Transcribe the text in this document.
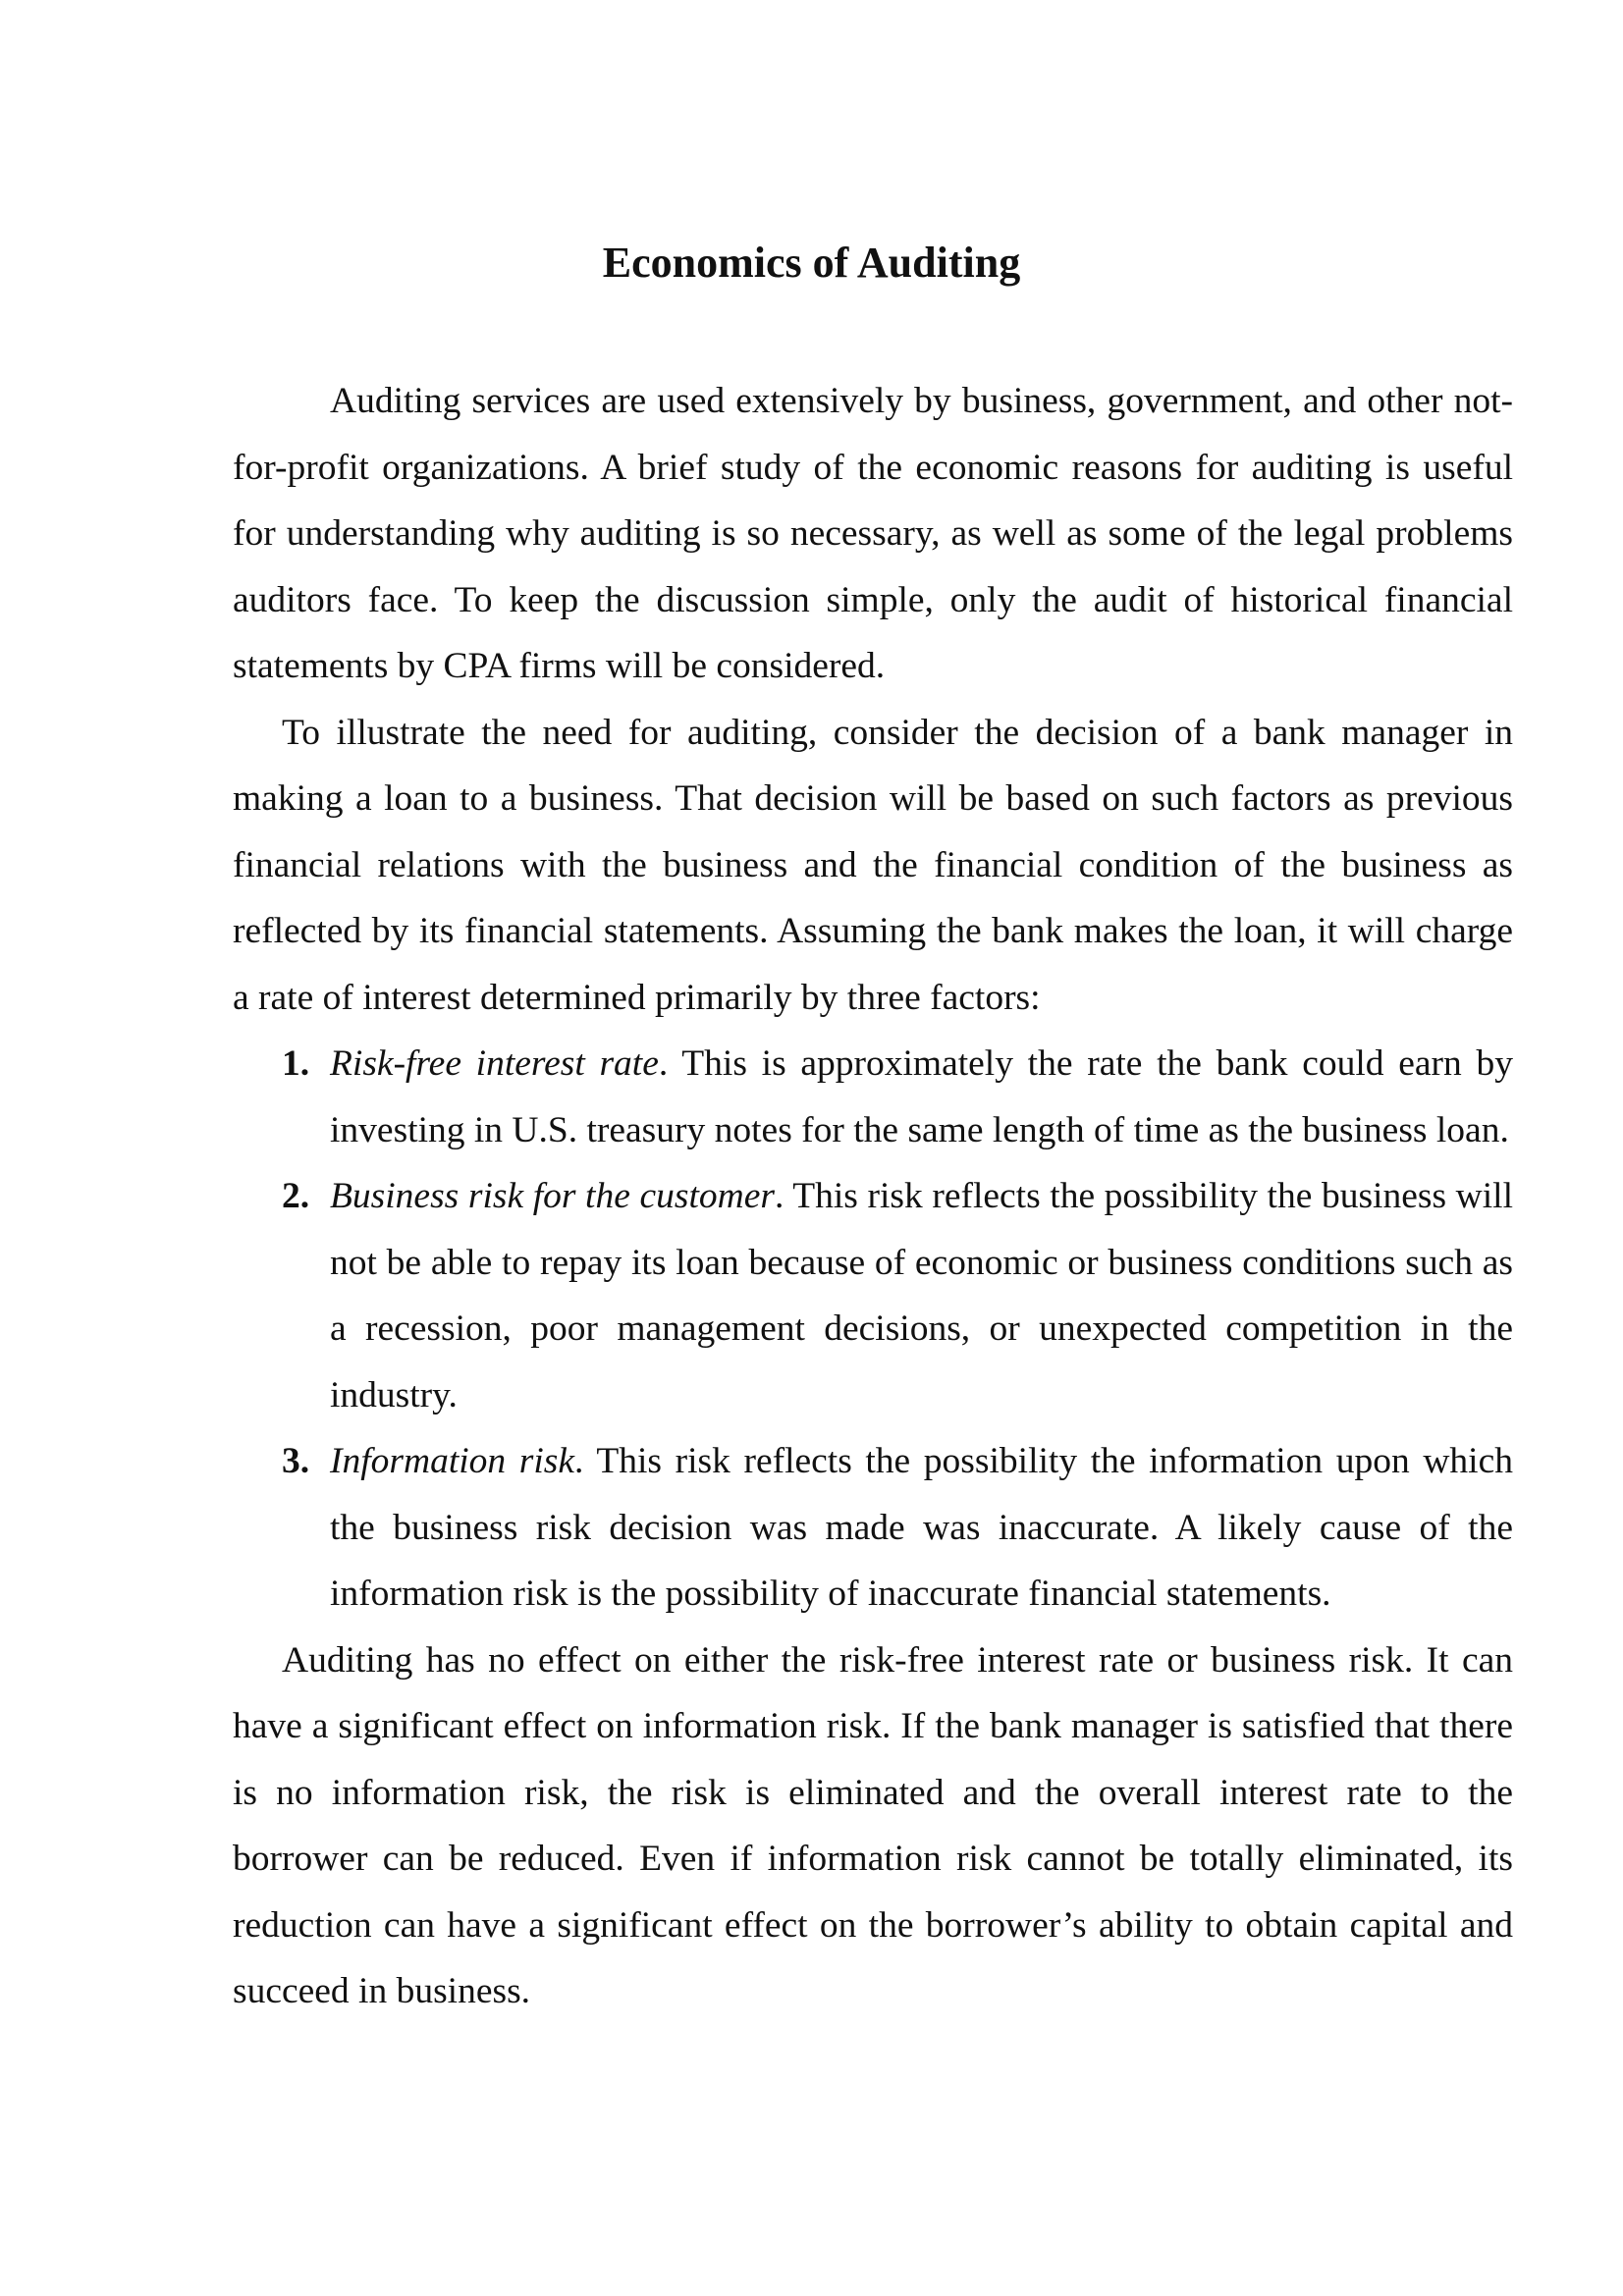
Economics of Auditing

Auditing services are used extensively by business, government, and other not-for-profit organizations. A brief study of the economic reasons for auditing is useful for understanding why auditing is so necessary, as well as some of the legal problems auditors face. To keep the discussion simple, only the audit of historical financial statements by CPA firms will be considered.

To illustrate the need for auditing, consider the decision of a bank manager in making a loan to a business. That decision will be based on such factors as previous financial relations with the business and the financial condition of the business as reflected by its financial statements. Assuming the bank makes the loan, it will charge a rate of interest determined primarily by three factors:

1. Risk-free interest rate. This is approximately the rate the bank could earn by investing in U.S. treasury notes for the same length of time as the business loan.
2. Business risk for the customer. This risk reflects the possibility the business will not be able to repay its loan because of economic or business conditions such as a recession, poor management decisions, or unexpected competition in the industry.
3. Information risk. This risk reflects the possibility the information upon which the business risk decision was made was inaccurate. A likely cause of the information risk is the possibility of inaccurate financial statements.

Auditing has no effect on either the risk-free interest rate or business risk. It can have a significant effect on information risk. If the bank manager is satisfied that there is no information risk, the risk is eliminated and the overall interest rate to the borrower can be reduced. Even if information risk cannot be totally eliminated, its reduction can have a significant effect on the borrower’s ability to obtain capital and succeed in business.
